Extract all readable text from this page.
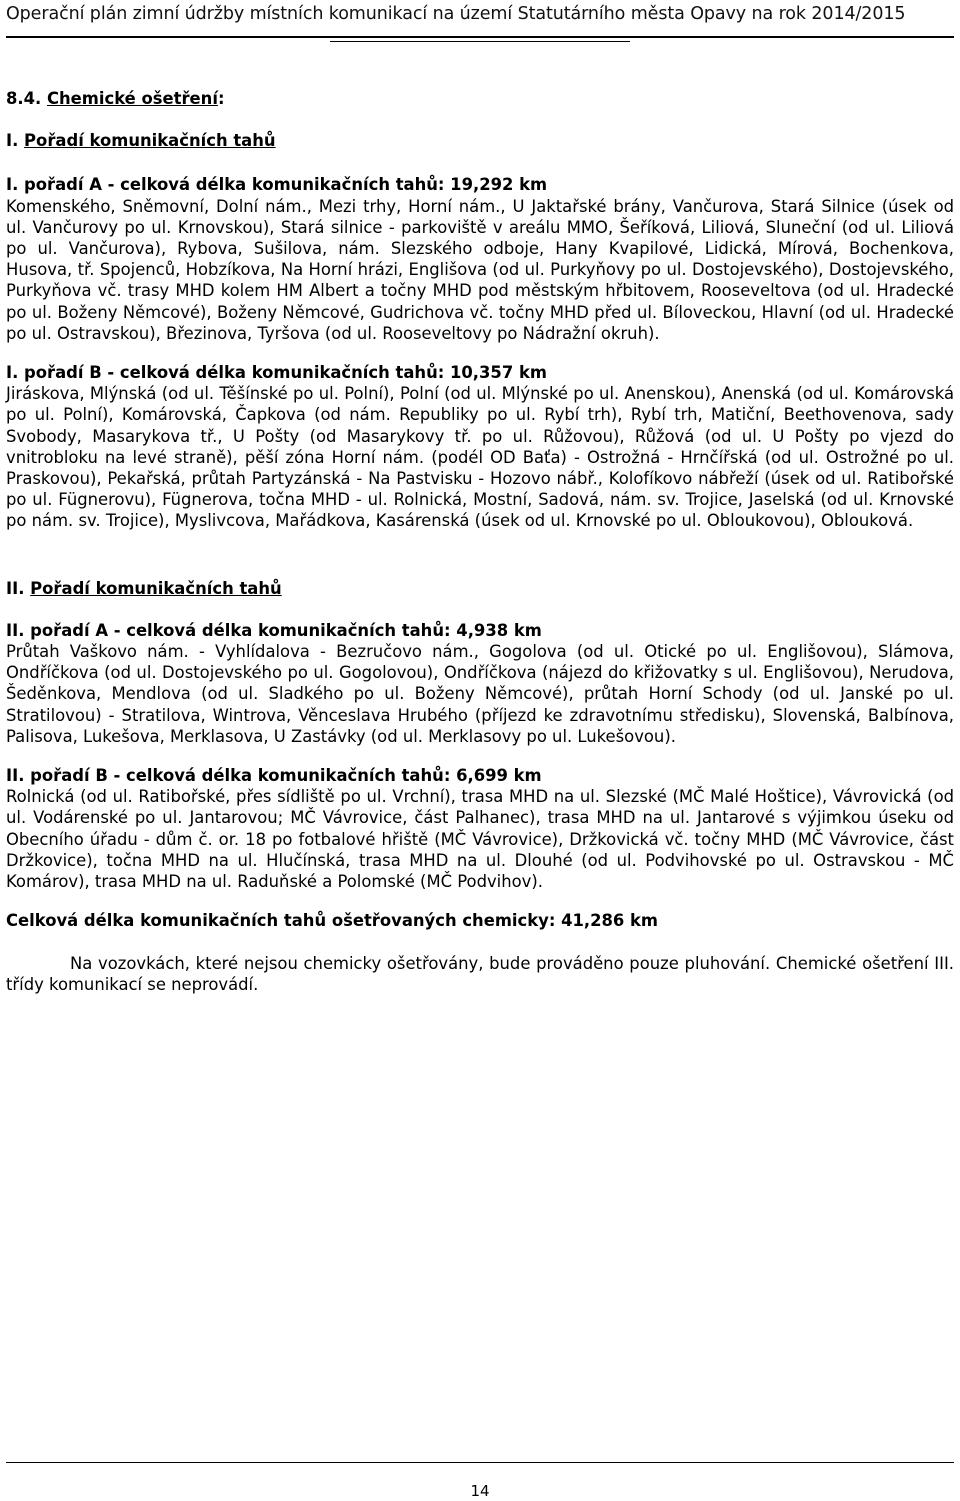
Operační plán zimní údržby místních komunikací na území Statutárního města Opavy na rok 2014/2015

8.4. Chemické ošetření:

I. Pořadí komunikačních tahů

I. pořadí A - celková délka komunikačních tahů: 19,292 km

Komenského, Sněmovní, Dolní nám., Mezi trhy, Horní nám., U Jaktařské brány, Vančurova, Stará Silnice (úsek od ul. Vančurovy po ul. Krnovskou), Stará silnice - parkoviště v areálu MMO, Šeříková, Liliová, Sluneční (od ul. Liliová po ul. Vančurova), Rybova, Sušilova, nám. Slezského odboje, Hany Kvapilové, Lidická, Mírová, Bochenkova, Husova, tř. Spojenců, Hobzíkova, Na Horní hrázi, Englišova (od ul. Purkyňovy po ul. Dostojevského), Dostojevského, Purkyňova vč. trasy MHD kolem HM Albert a točny MHD pod městským hřbitovem, Rooseveltova (od ul. Hradecké po ul. Boženy Němcové), Boženy Němcové, Gudrichova vč. točny MHD před ul. Bíloveckou, Hlavní (od ul. Hradecké po ul. Ostravskou), Březinova, Tyršova (od ul. Rooseveltovy po Nádražní okruh).

I. pořadí B - celková délka komunikačních tahů: 10,357 km

Jiráskova, Mlýnská (od ul. Těšínské po ul. Polní), Polní (od ul. Mlýnské po ul. Anenskou), Anenská (od ul. Komárovská po ul. Polní), Komárovská, Čapkova (od nám. Republiky po ul. Rybí trh), Rybí trh, Matiční, Beethovenova, sady Svobody, Masarykova tř., U Pošty (od Masarykovy tř. po ul. Růžovou), Růžová (od ul. U Pošty po vjezd do vnitrobloku na levé straně), pěší zóna Horní nám. (podél OD Baťa) - Ostrožná - Hrnčířská (od ul. Ostrožné po ul. Praskovou), Pekařská, průtah Partyzánská - Na Pastvisku - Hozovo nábř., Kolofíkovo nábřeží (úsek od ul. Ratibořské po ul. Fügnerovu), Fügnerova, točna MHD - ul. Rolnická, Mostní, Sadová, nám. sv. Trojice, Jaselská (od ul. Krnovské po nám. sv. Trojice), Myslivcova, Mařádkova, Kasárenská (úsek od ul. Krnovské po ul. Obloukovou), Oblouková.

II. Pořadí komunikačních tahů

II. pořadí A - celková délka komunikačních tahů: 4,938 km

Průtah Vaškovo nám. - Vyhlídalova - Bezručovo nám., Gogolova (od ul. Otické po ul. Englišovou), Slámova, Ondříčkova (od ul. Dostojevského po ul. Gogolovou), Ondříčkova (nájezd do křižovatky s ul. Englišovou), Nerudova, Šeděnkova, Mendlova (od ul. Sladkého po ul. Boženy Němcové), průtah Horní Schody (od ul. Janské po ul. Stratilovou) - Stratilova, Wintrova, Věnceslava Hrubého (příjezd ke zdravotnímu středisku), Slovenská, Balbínova, Palisova, Lukešova, Merklasova, U Zastávky (od ul. Merklasovy po ul. Lukešovou).

II. pořadí B - celková délka komunikačních tahů: 6,699 km

Rolnická (od ul. Ratibořské, přes sídliště po ul. Vrchní), trasa MHD na ul. Slezské (MČ Malé Hoštice), Vávrovická (od ul. Vodárenské po ul. Jantarovou; MČ Vávrovice, část Palhanec), trasa MHD na ul. Jantarové s výjimkou úseku od Obecního úřadu - dům č. or. 18 po fotbalové hřiště (MČ Vávrovice), Držkovická vč. točny MHD (MČ Vávrovice, část Držkovice), točna MHD na ul. Hlučínská, trasa MHD na ul. Dlouhé (od ul. Podvihovské po ul. Ostravskou - MČ Komárov), trasa MHD na ul. Raduňské a Polomské (MČ Podvihov).

Celková délka komunikačních tahů ošetřovaných chemicky: 41,286 km

Na vozovkách, které nejsou chemicky ošetřovány, bude prováděno pouze pluhování. Chemické ošetření III. třídy komunikací se neprovádí.

14
